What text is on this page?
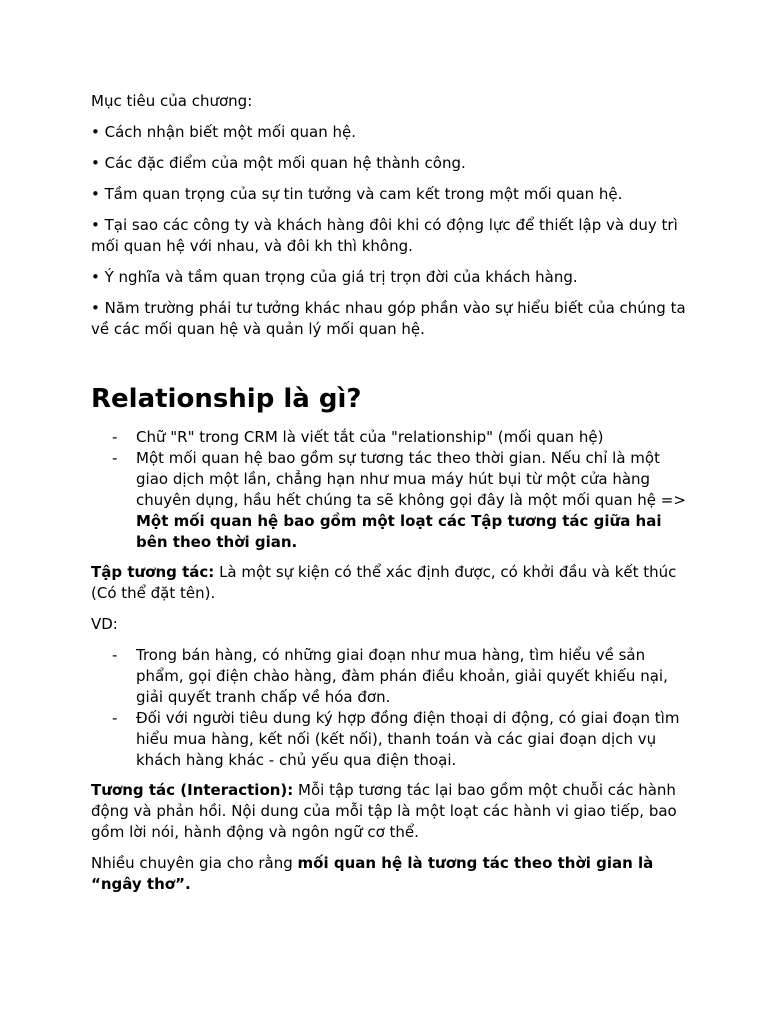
Mục tiêu của chương:

• Cách nhận biết một mối quan hệ.

• Các đặc điểm của một mối quan hệ thành công.

• Tầm quan trọng của sự tin tưởng và cam kết trong một mối quan hệ.

• Tại sao các công ty và khách hàng đôi khi có động lực để thiết lập và duy trì mối quan hệ với nhau, và đôi kh thì không.

• Ý nghĩa và tầm quan trọng của giá trị trọn đời của khách hàng.

• Năm trường phái tư tưởng khác nhau góp phần vào sự hiểu biết của chúng ta về các mối quan hệ và quản lý mối quan hệ.

Relationship là gì?
- Chữ "R" trong CRM là viết tắt của "relationship" (mối quan hệ)
- Một mối quan hệ bao gồm sự tương tác theo thời gian. Nếu chỉ là một giao dịch một lần, chẳng hạn như mua máy hút bụi từ một cửa hàng chuyên dụng, hầu hết chúng ta sẽ không gọi đây là một mối quan hệ => Một mối quan hệ bao gồm một loạt các Tập tương tác giữa hai bên theo thời gian.

Tập tương tác: Là một sự kiện có thể xác định được, có khởi đầu và kết thúc (Có thể đặt tên).

VD:

- Trong bán hàng, có những giai đoạn như mua hàng, tìm hiểu về sản phẩm, gọi điện chào hàng, đàm phán điều khoản, giải quyết khiếu nại, giải quyết tranh chấp về hóa đơn.
- Đối với người tiêu dung ký hợp đồng điện thoại di động, có giai đoạn tìm hiểu mua hàng, kết nối (kết nối), thanh toán và các giai đoạn dịch vụ khách hàng khác - chủ yếu qua điện thoại.

Tương tác (Interaction): Mỗi tập tương tác lại bao gồm một chuỗi các hành động và phản hồi. Nội dung của mỗi tập là một loạt các hành vi giao tiếp, bao gồm lời nói, hành động và ngôn ngữ cơ thể.

Nhiều chuyên gia cho rằng mối quan hệ là tương tác theo thời gian là “ngây thơ”.
